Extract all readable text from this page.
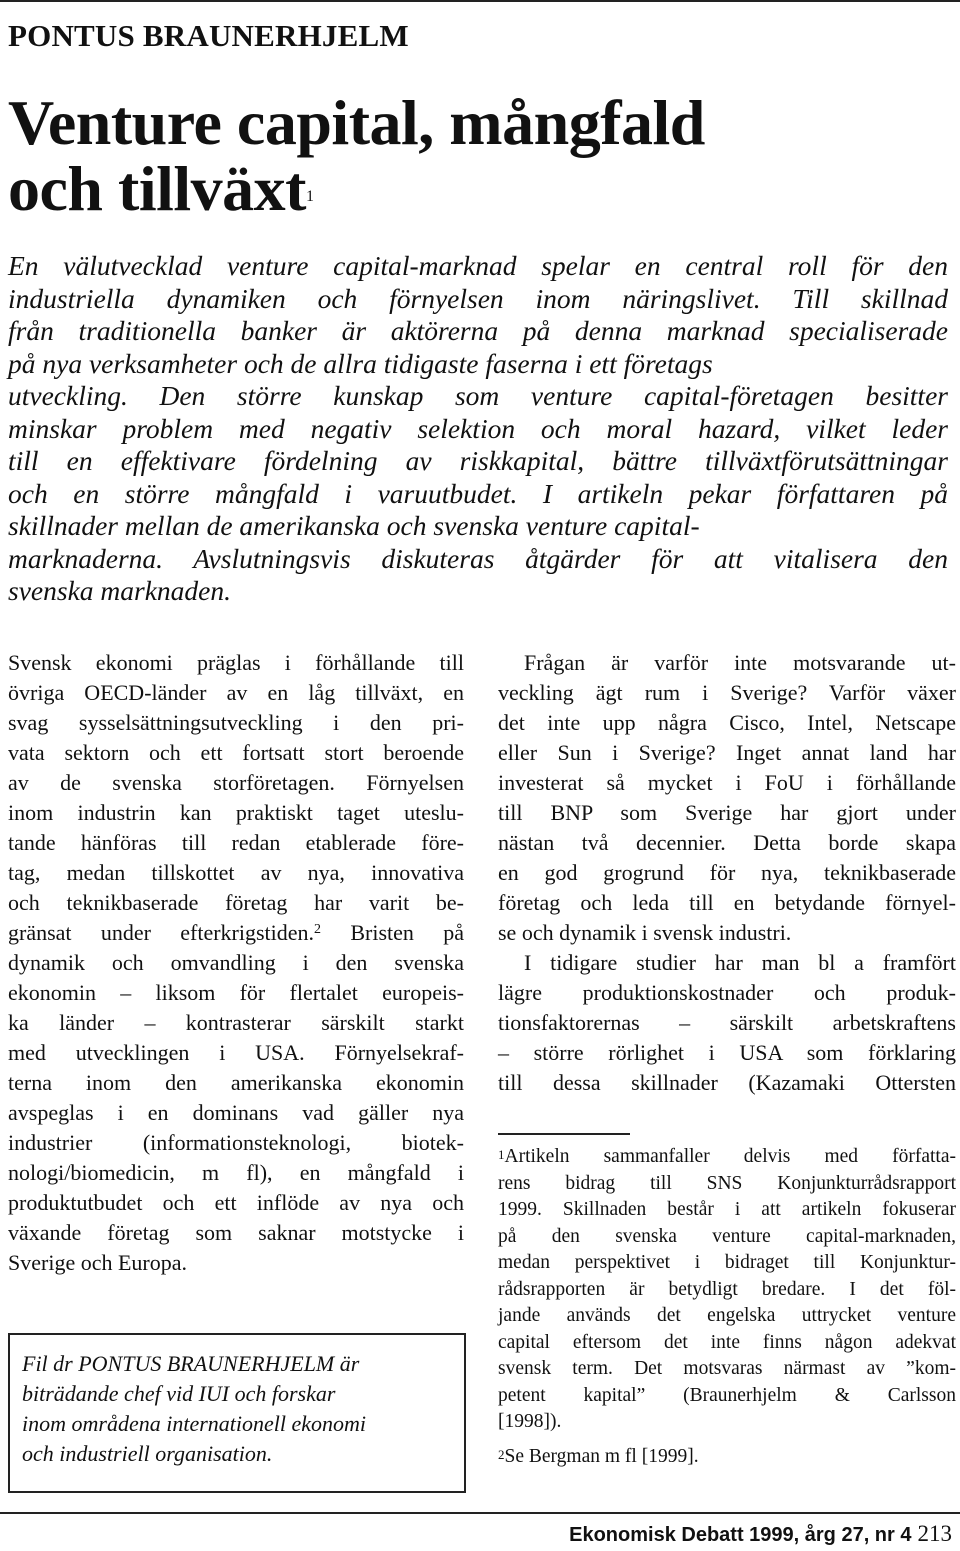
PONTUS BRAUNERHJELM
Venture capital, mångfald
och tillväxt$^1$
En välutvecklad venture capital-marknad spelar en central roll för den
industriella dynamiken och förnyelsen inom näringslivet. Till skillnad
från traditionella banker är aktörerna på denna marknad specialiserade
på nya verksamheter och de allra tidigaste faserna i ett företags
utveckling. Den större kunskap som venture capital-företagen besitter
minskar problem med negativ selektion och moral hazard, vilket leder
till en effektivare fördelning av riskkapital, bättre tillväxtförutsättningar
och en större mångfald i varuutbudet. I artikeln pekar författaren på
skillnader mellan de amerikanska och svenska venture capital-
marknaderna. Avslutningsvis diskuteras åtgärder för att vitalisera den
svenska marknaden.
Svensk ekonomi präglas i förhållande till
övriga OECD-länder av en låg tillväxt, en
svag sysselsättningsutveckling i den pri-
vata sektorn och ett fortsatt stort beroende
av de svenska storföretagen. Förnyelsen
inom industrin kan praktiskt taget uteslu-
tande hänföras till redan etablerade före-
tag, medan tillskottet av nya, innovativa
och teknikbaserade företag har varit be-
gränsat under efterkrigstiden.$^2$ Bristen på
dynamik och omvandling i den svenska
ekonomin – liksom för flertalet europeis-
ka länder – kontrasterar särskilt starkt
med utvecklingen i USA. Förnyelsekraf-
terna inom den amerikanska ekonomin
avspeglas i en dominans vad gäller nya
industrier (informationsteknologi, biotek-
nologi/biomedicin, m fl), en mångfald i
produktutbudet och ett inflöde av nya och
växande företag som saknar motstycke i
Sverige och Europa.
Frågan är varför inte motsvarande ut-
veckling ägt rum i Sverige? Varför växer
det inte upp några Cisco, Intel, Netscape
eller Sun i Sverige? Inget annat land har
investerat så mycket i FoU i förhållande
till BNP som Sverige har gjort under
nästan två decennier. Detta borde skapa
en god grogrund för nya, teknikbaserade
företag och leda till en betydande förnyel-
se och dynamik i svensk industri.
I tidigare studier har man bl a framfört
lägre produktionskostnader och produk-
tionsfaktorernas – särskilt arbetskraftens
– större rörlighet i USA som förklaring
till dessa skillnader (Kazamaki Ottersten
$^1$Artikeln sammanfaller delvis med författa-
rens bidrag till SNS Konjunkturrådsrapport
1999. Skillnaden består i att artikeln fokuserar
på den svenska venture capital-marknaden,
medan perspektivet i bidraget till Konjunktur-
rådsrapporten är betydligt bredare. I det föl-
jande används det engelska uttrycket venture
capital eftersom det inte finns någon adekvat
svensk term. Det motsvaras närmast av ”kom-
petent kapital” (Braunerhjelm & Carlsson
[1998]).
$^2$Se Bergman m fl [1999].
Fil dr PONTUS BRAUNERHJELM är
biträdande chef vid IUI och forskar
inom områdena internationell ekonomi
och industriell organisation.
Ekonomisk Debatt 1999, årg 27, nr 4 213
